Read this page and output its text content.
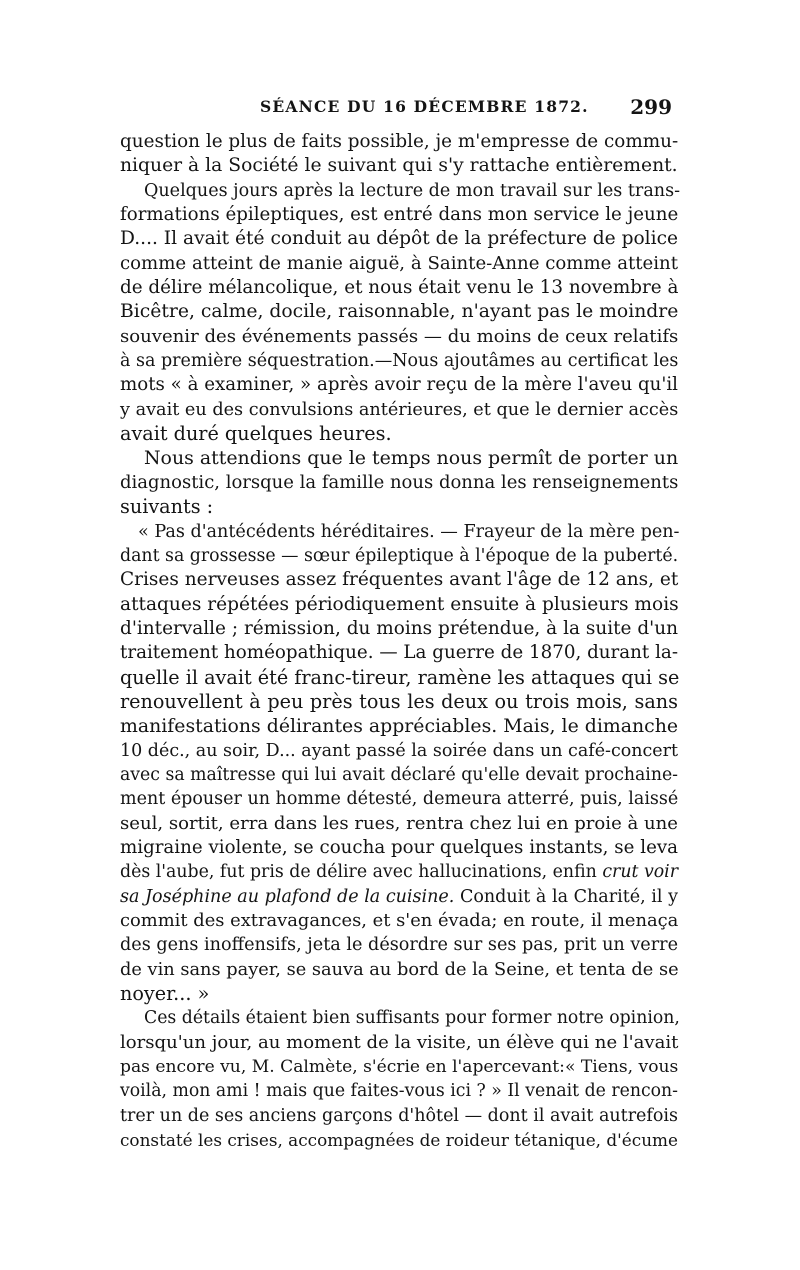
SÉANCE DU 16 DÉCEMBRE 1872. 299
question le plus de faits possible, je m'empresse de commu-
niquer à la Société le suivant qui s'y rattache entièrement.
Quelques jours après la lecture de mon travail sur les trans-
formations épileptiques, est entré dans mon service le jeune
D.... Il avait été conduit au dépôt de la préfecture de police
comme atteint de manie aiguë, à Sainte-Anne comme atteint
de délire mélancolique, et nous était venu le 13 novembre à
Bicêtre, calme, docile, raisonnable, n'ayant pas le moindre
souvenir des événements passés — du moins de ceux relatifs
à sa première séquestration.—Nous ajoutâmes au certificat les
mots « à examiner, » après avoir reçu de la mère l'aveu qu'il
y avait eu des convulsions antérieures, et que le dernier accès
avait duré quelques heures.
Nous attendions que le temps nous permît de porter un
diagnostic, lorsque la famille nous donna les renseignements
suivants :
« Pas d'antécédents héréditaires. — Frayeur de la mère pen-
dant sa grossesse — sœur épileptique à l'époque de la puberté.
Crises nerveuses assez fréquentes avant l'âge de 12 ans, et
attaques répétées périodiquement ensuite à plusieurs mois
d'intervalle ; rémission, du moins prétendue, à la suite d'un
traitement homéopathique. — La guerre de 1870, durant la-
quelle il avait été franc-tireur, ramène les attaques qui se
renouvellent à peu près tous les deux ou trois mois, sans
manifestations délirantes appréciables. Mais, le dimanche
10 déc., au soir, D... ayant passé la soirée dans un café-concert
avec sa maîtresse qui lui avait déclaré qu'elle devait prochaine-
ment épouser un homme détesté, demeura atterré, puis, laissé
seul, sortit, erra dans les rues, rentra chez lui en proie à une
migraine violente, se coucha pour quelques instants, se leva
dès l'aube, fut pris de délire avec hallucinations, enfin crut voir
sa Joséphine au plafond de la cuisine. Conduit à la Charité, il y
commit des extravagances, et s'en évada; en route, il menaça
des gens inoffensifs, jeta le désordre sur ses pas, prit un verre
de vin sans payer, se sauva au bord de la Seine, et tenta de se
noyer... »
Ces détails étaient bien suffisants pour former notre opinion,
lorsqu'un jour, au moment de la visite, un élève qui ne l'avait
pas encore vu, M. Calmète, s'écrie en l'apercevant:« Tiens, vous
voilà, mon ami ! mais que faites-vous ici ? » Il venait de rencon-
trer un de ses anciens garçons d'hôtel — dont il avait autrefois
constaté les crises, accompagnées de roideur tétanique, d'écume
